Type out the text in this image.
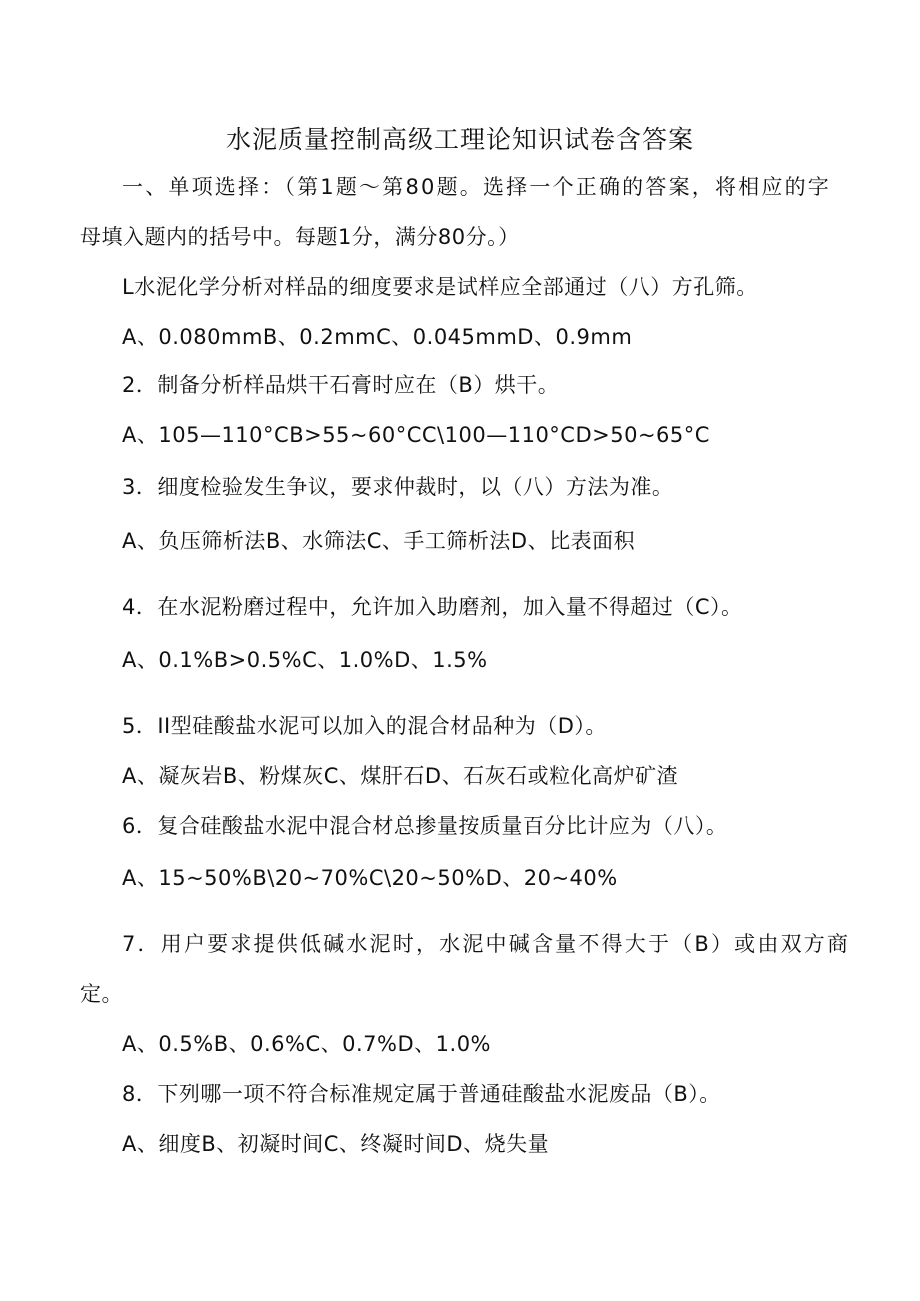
水泥质量控制高级工理论知识试卷含答案
一、单项选择：（第1题～第80题。选择一个正确的答案，将相应的字
母填入题内的括号中。每题1分，满分80分。）
L水泥化学分析对样品的细度要求是试样应全部通过（八）方孔筛。
A、0.080mmB、0.2mmC、0.045mmD、0.9mm
2．制备分析样品烘干石膏时应在（B）烘干。
A、105—110°CB>55~60°CC\100—110°CD>50~65°C
3．细度检验发生争议，要求仲裁时，以（八）方法为准。
A、负压筛析法B、水筛法C、手工筛析法D、比表面积
4．在水泥粉磨过程中，允许加入助磨剂，加入量不得超过（C）。
A、0.1%B>0.5%C、1.0%D、1.5%
5．II型硅酸盐水泥可以加入的混合材品种为（D）。
A、凝灰岩B、粉煤灰C、煤肝石D、石灰石或粒化高炉矿渣
6．复合硅酸盐水泥中混合材总掺量按质量百分比计应为（八）。
A、15~50%B\20~70%C\20~50%D、20~40%
7．用户要求提供低碱水泥时，水泥中碱含量不得大于（B）或由双方商
定。
A、0.5%B、0.6%C、0.7%D、1.0%
8．下列哪一项不符合标准规定属于普通硅酸盐水泥废品（B）。
A、细度B、初凝时间C、终凝时间D、烧失量
